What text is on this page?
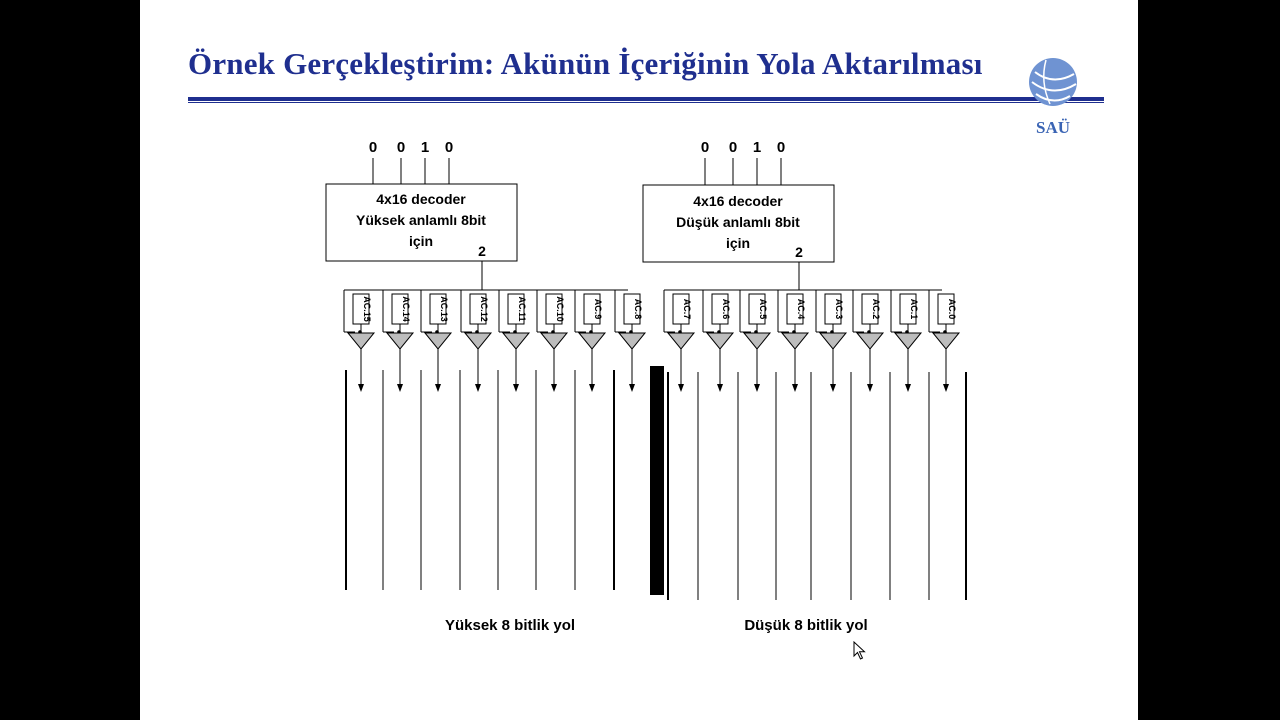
Örnek Gerçekleştirim: Akünün İçeriğinin Yola Aktarılması
SAÜ
4x16 decoder
Yüksek anlamlı 8bit
için
0 0 1 0
2
AC.15	AC.14	AC.13	AC.12	AC.11	AC.10	AC.9	AC.8
Yüksek 8 bitlik yol
4x16 decoder
Düşük anlamlı 8bit
için
0 0 1 0
2
AC.7	AC.6	AC.5	AC.4	AC.3	AC.2	AC.1	AC.0
Düşük 8 bitlik yol
